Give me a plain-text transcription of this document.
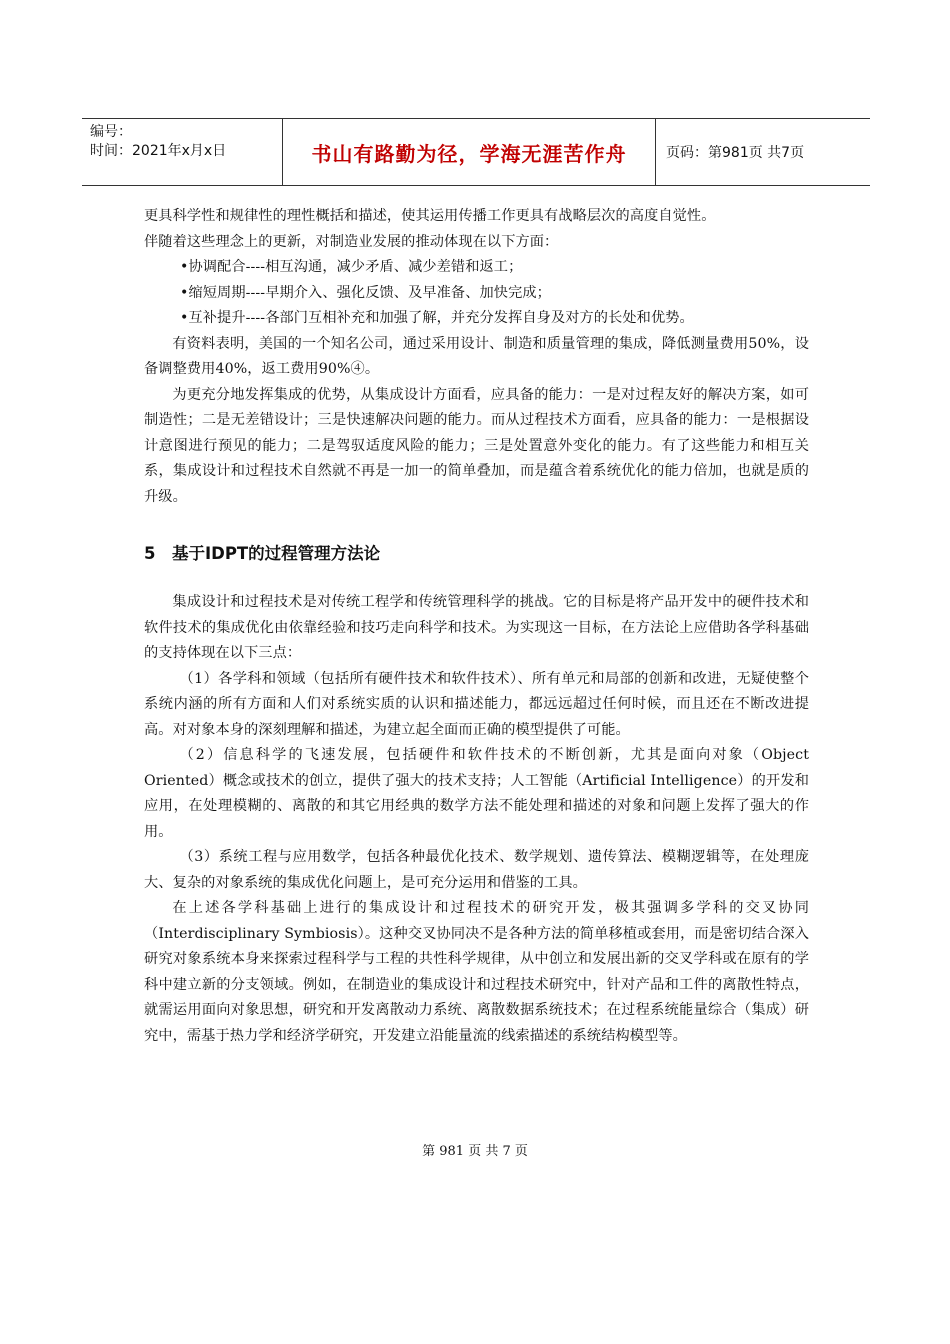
编号：
时间：2021年x月x日	书山有路勤为径，学海无涯苦作舟	页码：第981页 共7页

更具科学性和规律性的理性概括和描述，使其运用传播工作更具有战略层次的高度自觉性。

伴随着这些理念上的更新，对制造业发展的推动体现在以下方面：

•协调配合----相互沟通，减少矛盾、减少差错和返工；

•缩短周期----早期介入、强化反馈、及早准备、加快完成；

•互补提升----各部门互相补充和加强了解，并充分发挥自身及对方的长处和优势。

有资料表明，美国的一个知名公司，通过采用设计、制造和质量管理的集成，降低测量费用50%，设备调整费用40%，返工费用90%④。

为更充分地发挥集成的优势，从集成设计方面看，应具备的能力：一是对过程友好的解决方案，如可制造性；二是无差错设计；三是快速解决问题的能力。而从过程技术方面看，应具备的能力：一是根据设计意图进行预见的能力；二是驾驭适度风险的能力；三是处置意外变化的能力。有了这些能力和相互关系，集成设计和过程技术自然就不再是一加一的简单叠加，而是蕴含着系统优化的能力倍加，也就是质的升级。

5 基于IDPT的过程管理方法论

集成设计和过程技术是对传统工程学和传统管理科学的挑战。它的目标是将产品开发中的硬件技术和软件技术的集成优化由依靠经验和技巧走向科学和技术。为实现这一目标，在方法论上应借助各学科基础的支持体现在以下三点：

（1）各学科和领域（包括所有硬件技术和软件技术）、所有单元和局部的创新和改进，无疑使整个系统内涵的所有方面和人们对系统实质的认识和描述能力，都远远超过任何时候，而且还在不断改进提高。对对象本身的深刻理解和描述，为建立起全面而正确的模型提供了可能。

（2）信息科学的飞速发展，包括硬件和软件技术的不断创新，尤其是面向对象（Object Oriented）概念或技术的创立，提供了强大的技术支持；人工智能（Artificial Intelligence）的开发和应用，在处理模糊的、离散的和其它用经典的数学方法不能处理和描述的对象和问题上发挥了强大的作用。

（3）系统工程与应用数学，包括各种最优化技术、数学规划、遗传算法、模糊逻辑等，在处理庞大、复杂的对象系统的集成优化问题上，是可充分运用和借鉴的工具。

在上述各学科基础上进行的集成设计和过程技术的研究开发，极其强调多学科的交叉协同（Interdisciplinary Symbiosis）。这种交叉协同决不是各种方法的简单移植或套用，而是密切结合深入研究对象系统本身来探索过程科学与工程的共性科学规律，从中创立和发展出新的交叉学科或在原有的学科中建立新的分支领域。例如，在制造业的集成设计和过程技术研究中，针对产品和工件的离散性特点，就需运用面向对象思想，研究和开发离散动力系统、离散数据系统技术；在过程系统能量综合（集成）研究中，需基于热力学和经济学研究，开发建立沿能量流的线索描述的系统结构模型等。

第 981 页 共 7 页
